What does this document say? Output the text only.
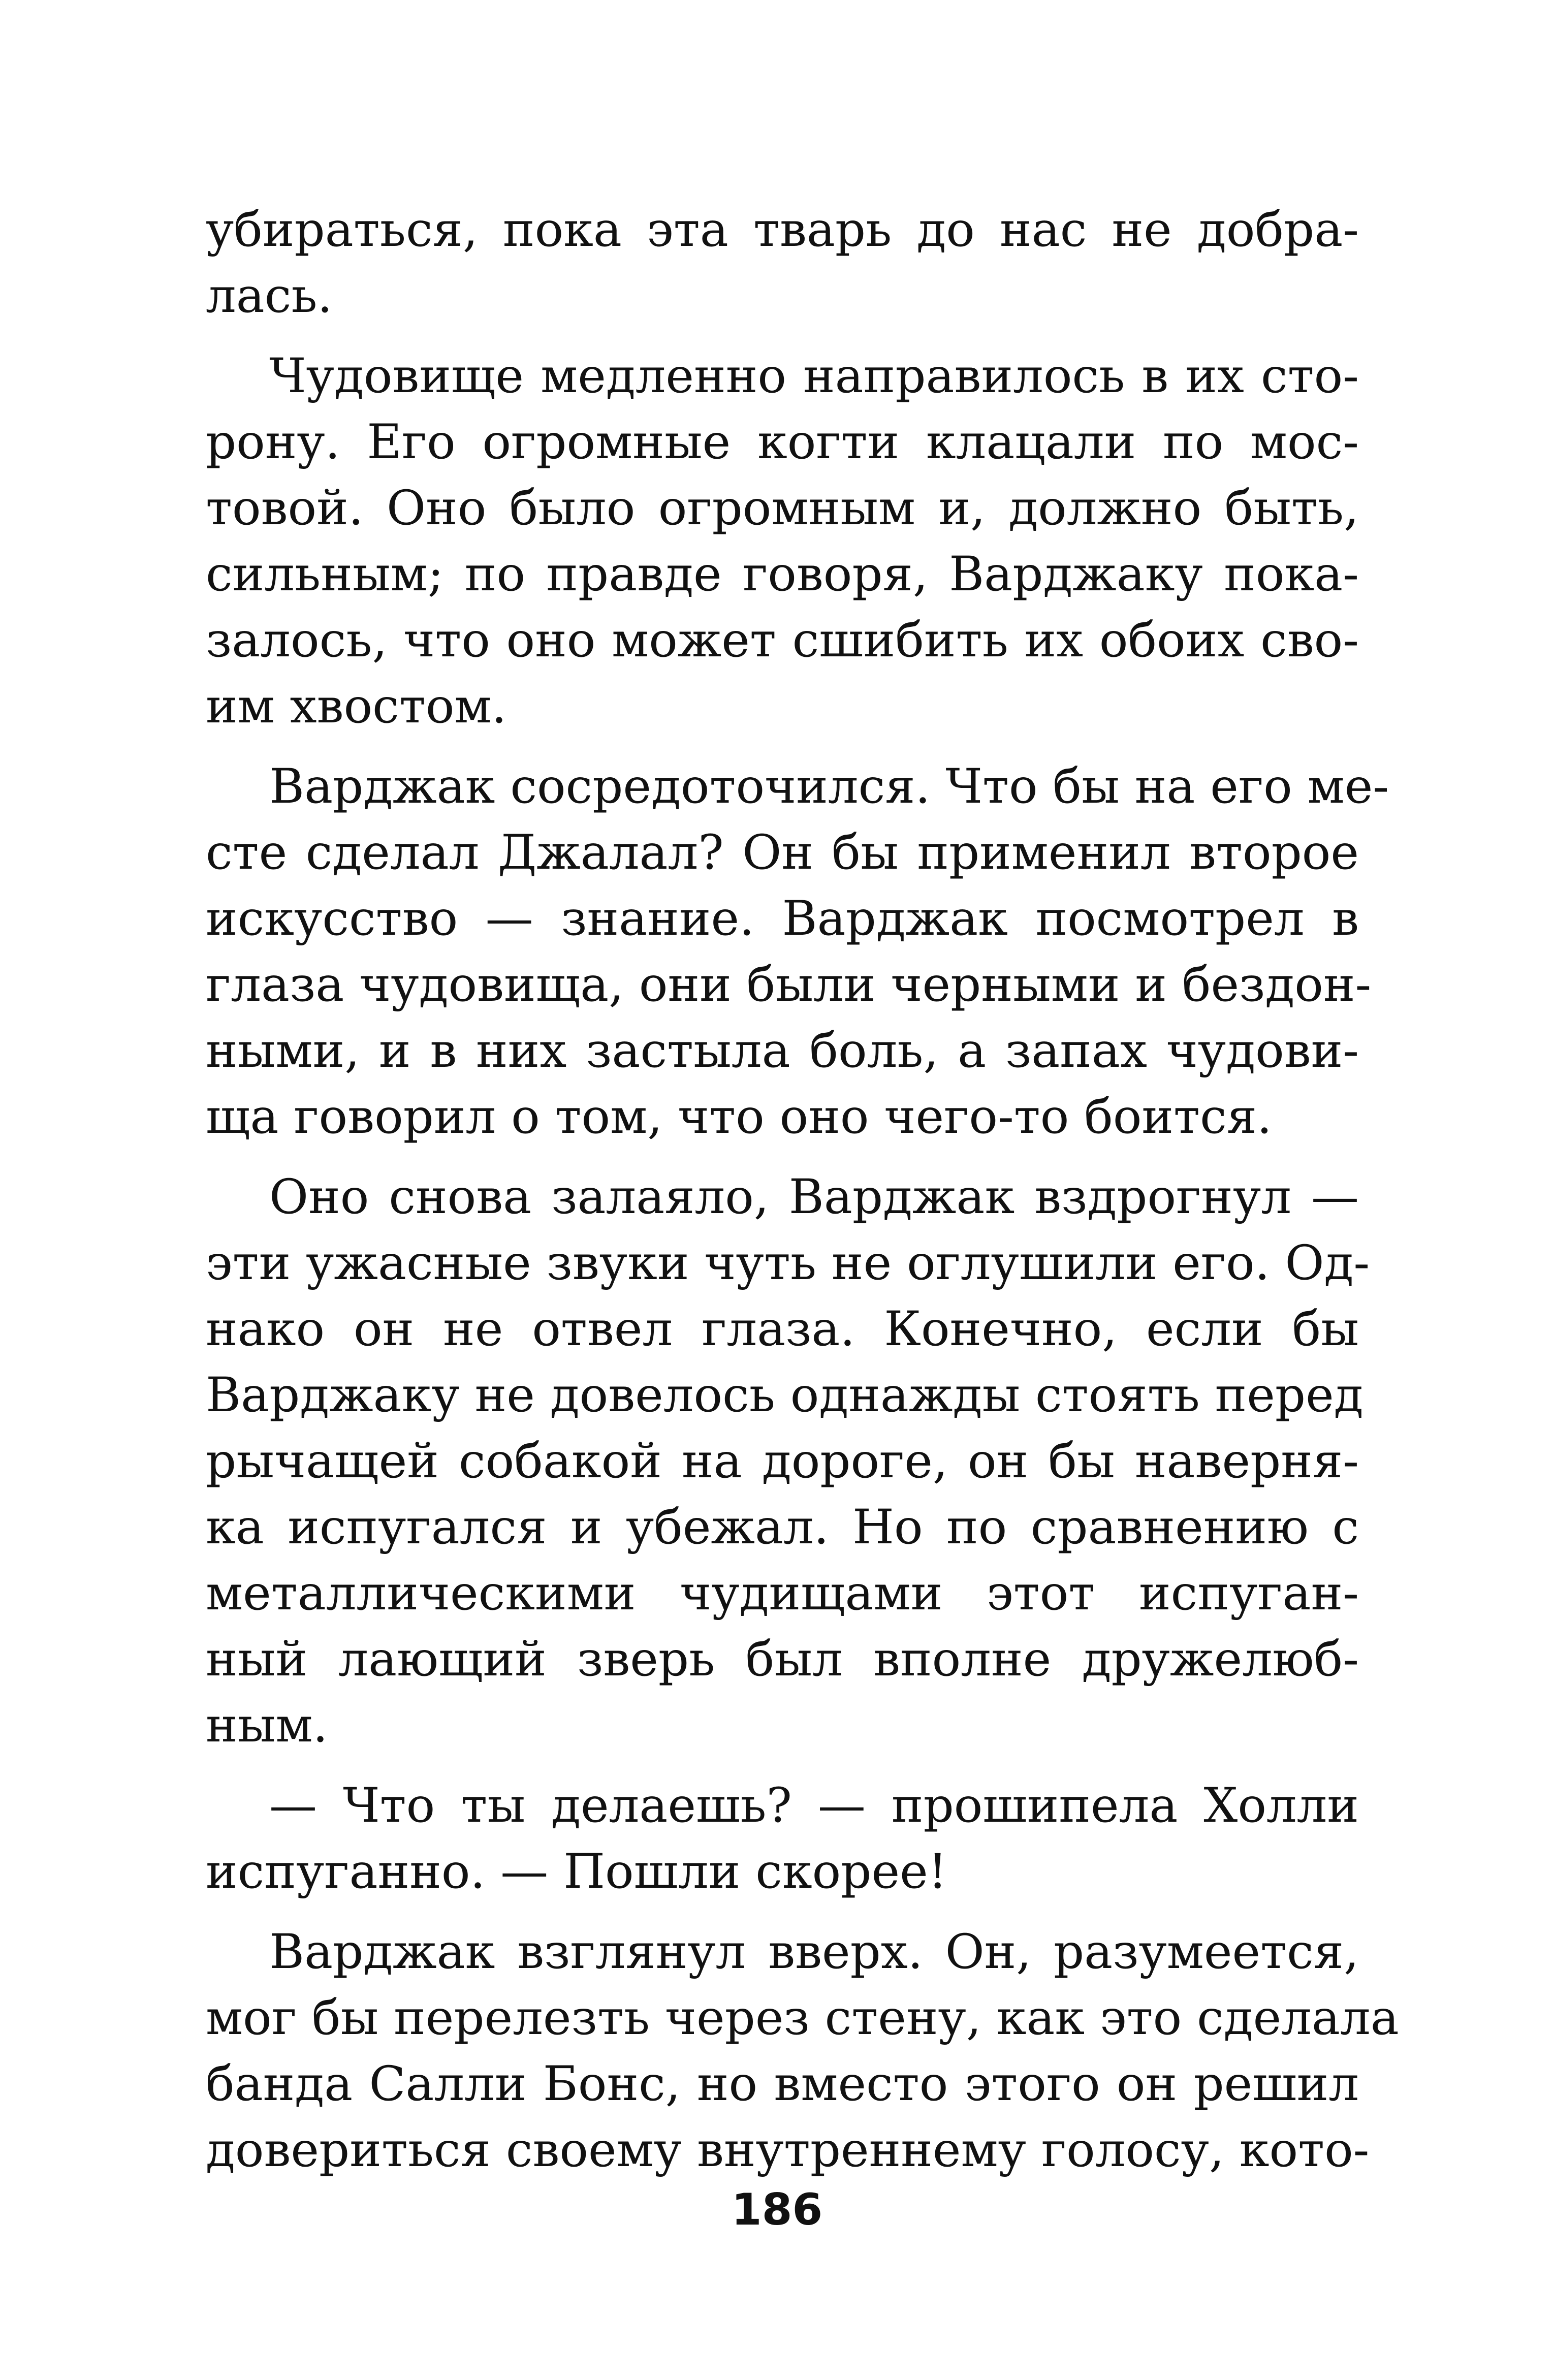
убираться, пока эта тварь до нас не добра-
лась.
Чудовище медленно направилось в их сто-
рону. Его огромные когти клацали по мос-
товой. Оно было огромным и, должно быть,
сильным; по правде говоря, Варджаку пока-
залось, что оно может сшибить их обоих сво-
им хвостом.
Варджак сосредоточился. Что бы на его ме-
сте сделал Джалал? Он бы применил второе
искусство — знание. Варджак посмотрел в
глаза чудовища, они были черными и бездон-
ными, и в них застыла боль, а запах чудови-
ща говорил о том, что оно чего-то боится.
Оно снова залаяло, Варджак вздрогнул —
эти ужасные звуки чуть не оглушили его. Од-
нако он не отвел глаза. Конечно, если бы
Варджаку не довелось однажды стоять перед
рычащей собакой на дороге, он бы наверня-
ка испугался и убежал. Но по сравнению с
металлическими чудищами этот испуган-
ный лающий зверь был вполне дружелюб-
ным.
— Что ты делаешь? — прошипела Холли
испуганно. — Пошли скорее!
Варджак взглянул вверх. Он, разумеется,
мог бы перелезть через стену, как это сделала
банда Салли Бонс, но вместо этого он решил
довериться своему внутреннему голосу, кото-
186
